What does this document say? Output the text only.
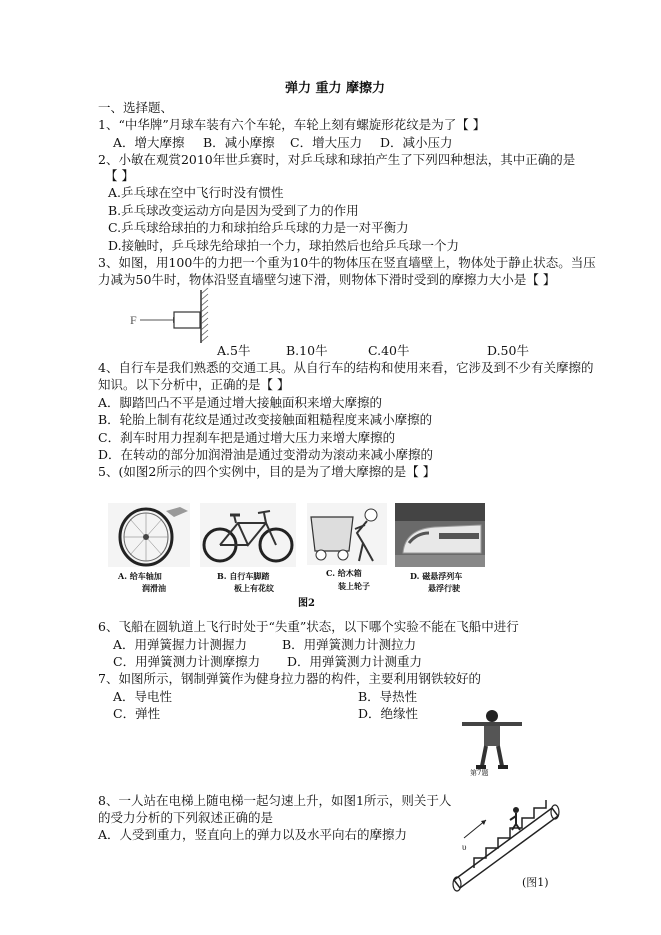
弹力 重力 摩擦力
一、选择题、
1、“中华牌”月球车装有六个车轮，车轮上刻有螺旋形花纹是为了【 】
A．增大摩擦 B．减小摩擦 C．增大压力 D．减小压力
2、小敏在观赏2010年世乒赛时，对乒乓球和球拍产生了下列四种想法，其中正确的是
【 】
A.乒乓球在空中飞行时没有惯性
B.乒乓球改变运动方向是因为受到了力的作用
C.乒乓球给球拍的力和球拍给乒乓球的力是一对平衡力
D.接触时，乒乓球先给球拍一个力，球拍然后也给乒乓球一个力
3、如图，用100牛的力把一个重为10牛的物体压在竖直墙壁上，物体处于静止状态。当压
力减为50牛时，物体沿竖直墙壁匀速下滑，则物体下滑时受到的摩擦力大小是【 】
F
A.5牛	B.10牛	C.40牛	D.50牛
4、自行车是我们熟悉的交通工具。从自行车的结构和使用来看，它涉及到不少有关摩擦的
知识。以下分析中，正确的是【 】
A．脚踏凹凸不平是通过增大接触面积来增大摩擦的
B．轮胎上制有花纹是通过改变接触面粗糙程度来减小摩擦的
C．刹车时用力捏刹车把是通过增大压力来增大摩擦的
D．在转动的部分加润滑油是通过变滑动为滚动来减小摩擦的
5、(如图2所示的四个实例中，目的是为了增大摩擦的是【 】
A. 给车轴加
润滑油
B. 自行车脚踏
板上有花纹
C. 给木箱
装上轮子
D. 磁悬浮列车
悬浮行驶
图2
6、飞船在圆轨道上飞行时处于“失重”状态，以下哪个实验不能在飞船中进行
A．用弹簧握力计测握力	B．用弹簧测力计测拉力
C．用弹簧测力计测摩擦力 D．用弹簧测力计测重力
7、如图所示，钢制弹簧作为健身拉力器的构件，主要利用钢铁较好的
A．导电性	B．导热性
C．弹性	D．绝缘性
第7题
8、一人站在电梯上随电梯一起匀速上升，如图1所示，则关于人
的受力分析的下列叙述正确的是
A．人受到重力，竖直向上的弹力以及水平向右的摩擦力
υ
(图1)
